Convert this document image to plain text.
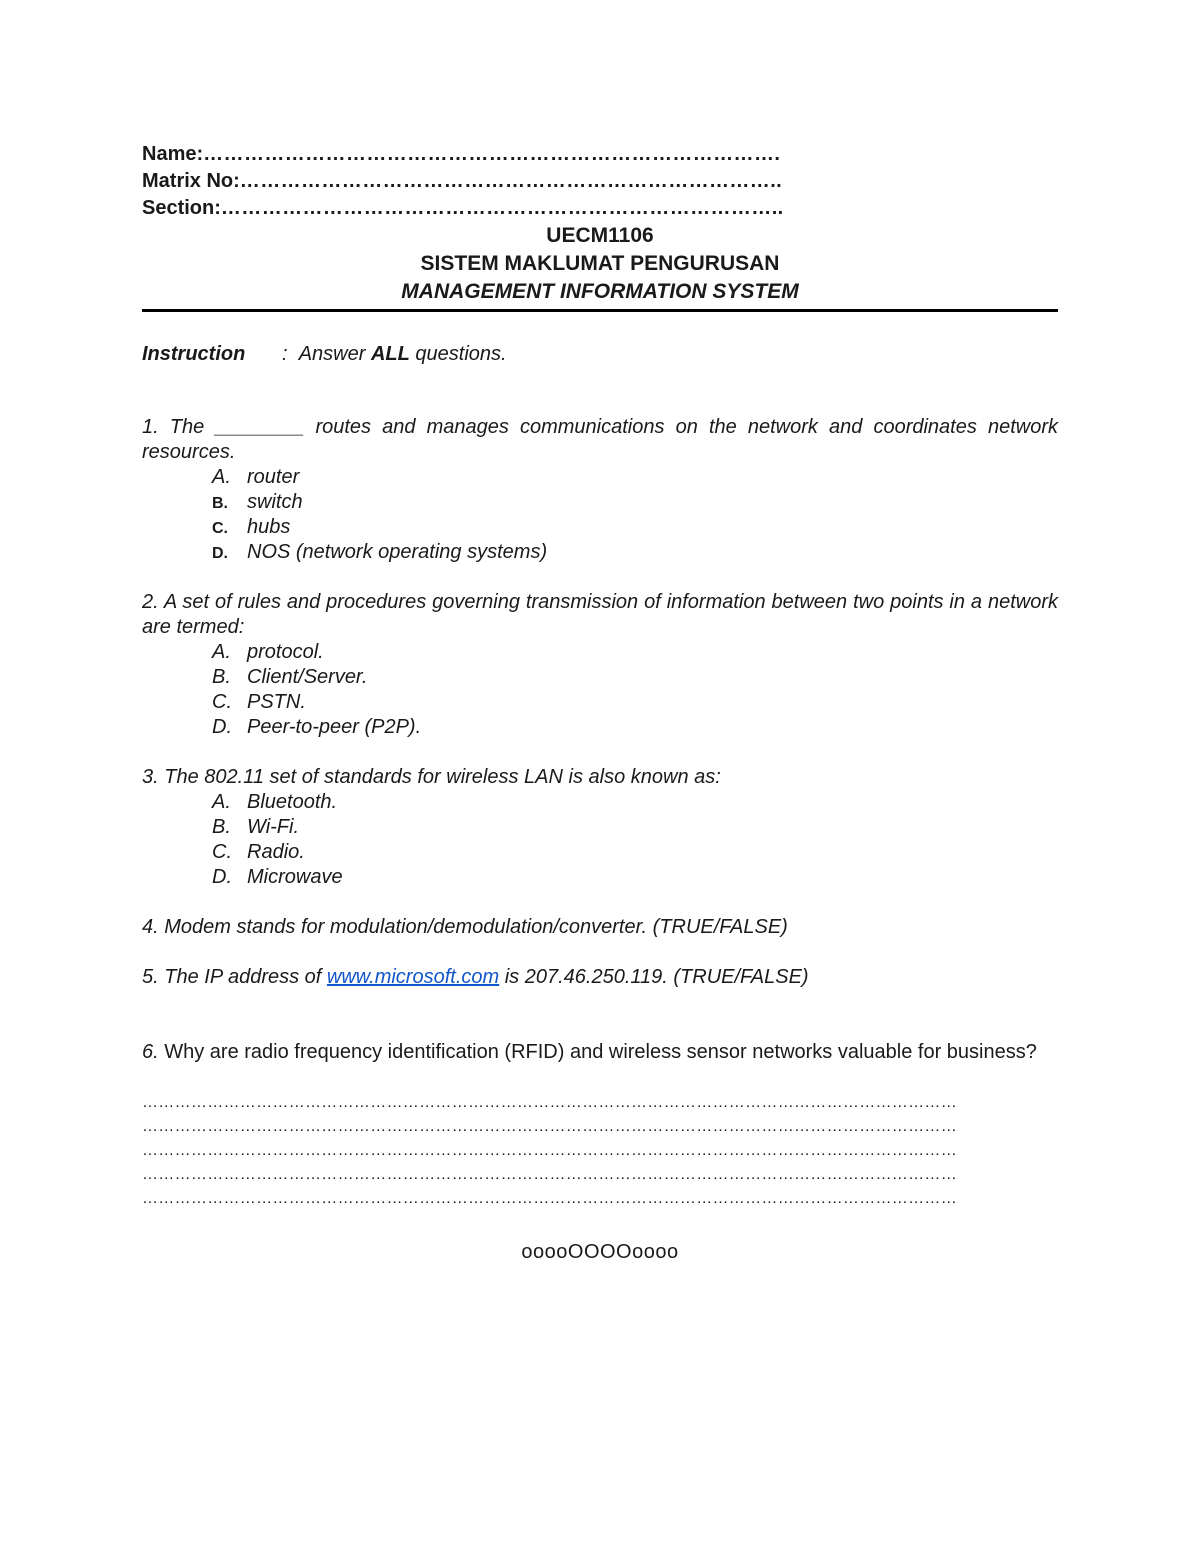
Name:………………………………………………………………………….
Matrix No:……………………………………………………………………..
Section:………………………………………………………………………..
UECM1106
SISTEM MAKLUMAT PENGURUSAN
MANAGEMENT INFORMATION SYSTEM
Instruction : Answer ALL questions.

1. The ________ routes and manages communications on the network and coordinates network resources.

A. router
B. switch
C. hubs
D. NOS (network operating systems)

2. A set of rules and procedures governing transmission of information between two points in a network are termed:

A. protocol.
B. Client/Server.
C. PSTN.
D. Peer-to-peer (P2P).

3. The 802.11 set of standards for wireless LAN is also known as:

A. Bluetooth.
B. Wi-Fi.
C. Radio.
D. Microwave

4. Modem stands for modulation/demodulation/converter. (TRUE/FALSE)

5. The IP address of www.microsoft.com is 207.46.250.119. (TRUE/FALSE)

6. Why are radio frequency identification (RFID) and wireless sensor networks valuable for business?
……………………………………………………………………………………………………………………………………
……………………………………………………………………………………………………………………………………
……………………………………………………………………………………………………………………………………
……………………………………………………………………………………………………………………………………
……………………………………………………………………………………………………………………………………
ooooOOOOoooo
